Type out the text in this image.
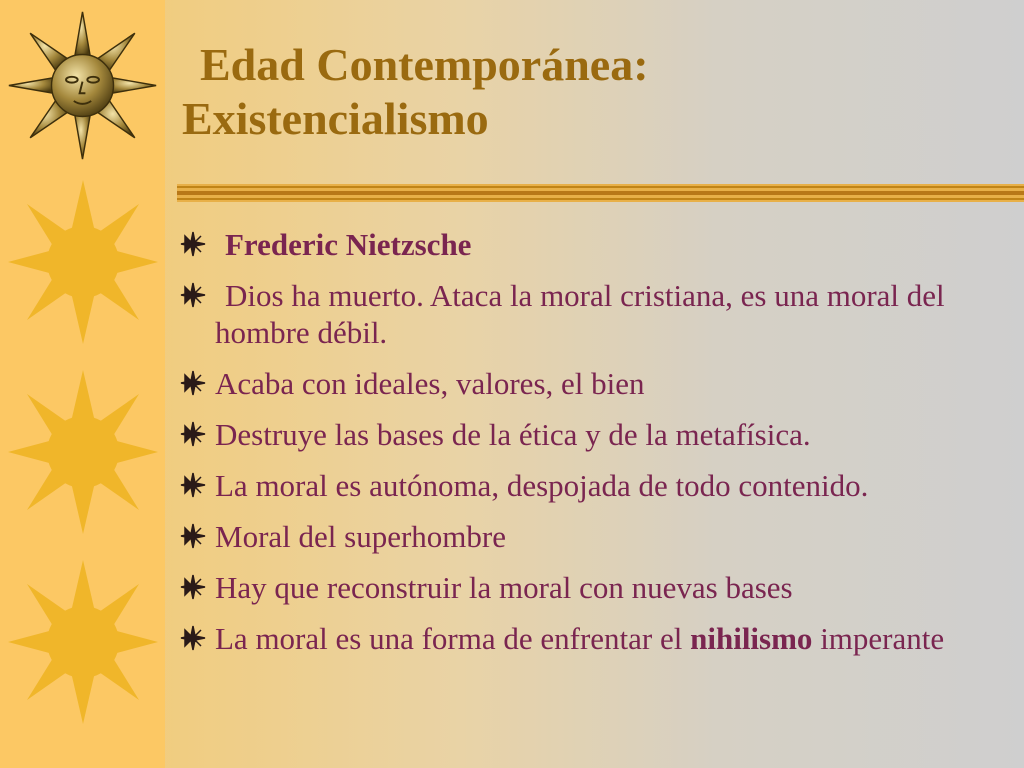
Edad Contemporánea:
Existencialismo
Frederic Nietzsche
Dios ha muerto. Ataca la moral cristiana, es una moral del hombre débil.
Acaba con ideales, valores, el bien
Destruye las bases de la ética y de la metafísica.
La moral es autónoma, despojada de todo contenido.
Moral del superhombre
Hay que reconstruir la moral con nuevas bases
La moral es una forma de enfrentar el nihilismo imperante
